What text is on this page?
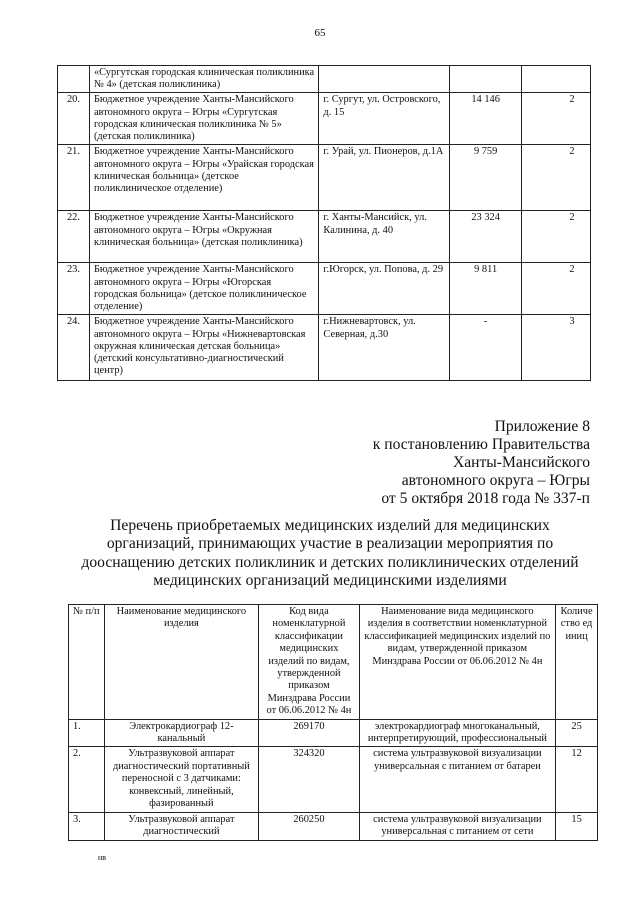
65
	«Сургутская городская клиническая поликлиника № 4» (детская поликлиника)			
20.	Бюджетное учреждение Ханты-Мансийского автономного округа – Югры «Сургутская городская клиническая поликлиника № 5» (детская поликлиника)	г. Сургут, ул. Островского, д. 15	14 146	2
21.	Бюджетное учреждение Ханты-Мансийского автономного округа – Югры «Урайская городская клиническая больница» (детское поликлиническое отделение)	г. Урай, ул. Пионеров, д.1А	9 759	2
22.	Бюджетное учреждение Ханты-Мансийского автономного округа – Югры «Окружная клиническая больница» (детская поликлиника)	г. Ханты-Мансийск, ул. Калинина, д. 40	23 324	2
23.	Бюджетное учреждение Ханты-Мансийского автономного округа – Югры «Югорская городская больница» (детское поликлиническое отделение)	г.Югорск, ул. Попова, д. 29	9 811	2
24.	Бюджетное учреждение Ханты-Мансийского автономного округа – Югры «Нижневартовская окружная клиническая детская больница» (детский консультативно-диагностический центр)	г.Нижневартовск, ул. Северная, д.30	-	3
Приложение 8
к постановлению Правительства
Ханты-Мансийского
автономного округа – Югры
от 5 октября 2018 года № 337-п
Перечень приобретаемых медицинских изделий для медицинских организаций, принимающих участие в реализации мероприятия по дооснащению детских поликлиник и детских поликлинических отделений медицинских организаций медицинскими изделиями
№ п/п	Наименование медицинского изделия	Код вида номенклатурной классификации медицинских изделий по видам, утвержденной приказом Минздрава России от 06.06.2012 № 4н	Наименование вида медицинского изделия в соответствии номенклатурной классификацией медицинских изделий по видам, утвержденной приказом Минздрава России от 06.06.2012 № 4н	Количество единиц
1.	Электрокардиограф 12-канальный	269170	электрокардиограф многоканальный, интерпретирующий, профессиональный	25
2.	Ультразвуковой аппарат диагностический портативный переносной с 3 датчиками: конвексный, линейный, фазированный	324320	система ультразвуковой визуализации универсальная с питанием от батареи	12
3.	Ультразвуковой аппарат диагностический	260250	система ультразвуковой визуализации универсальная с питанием от сети	15
нв
